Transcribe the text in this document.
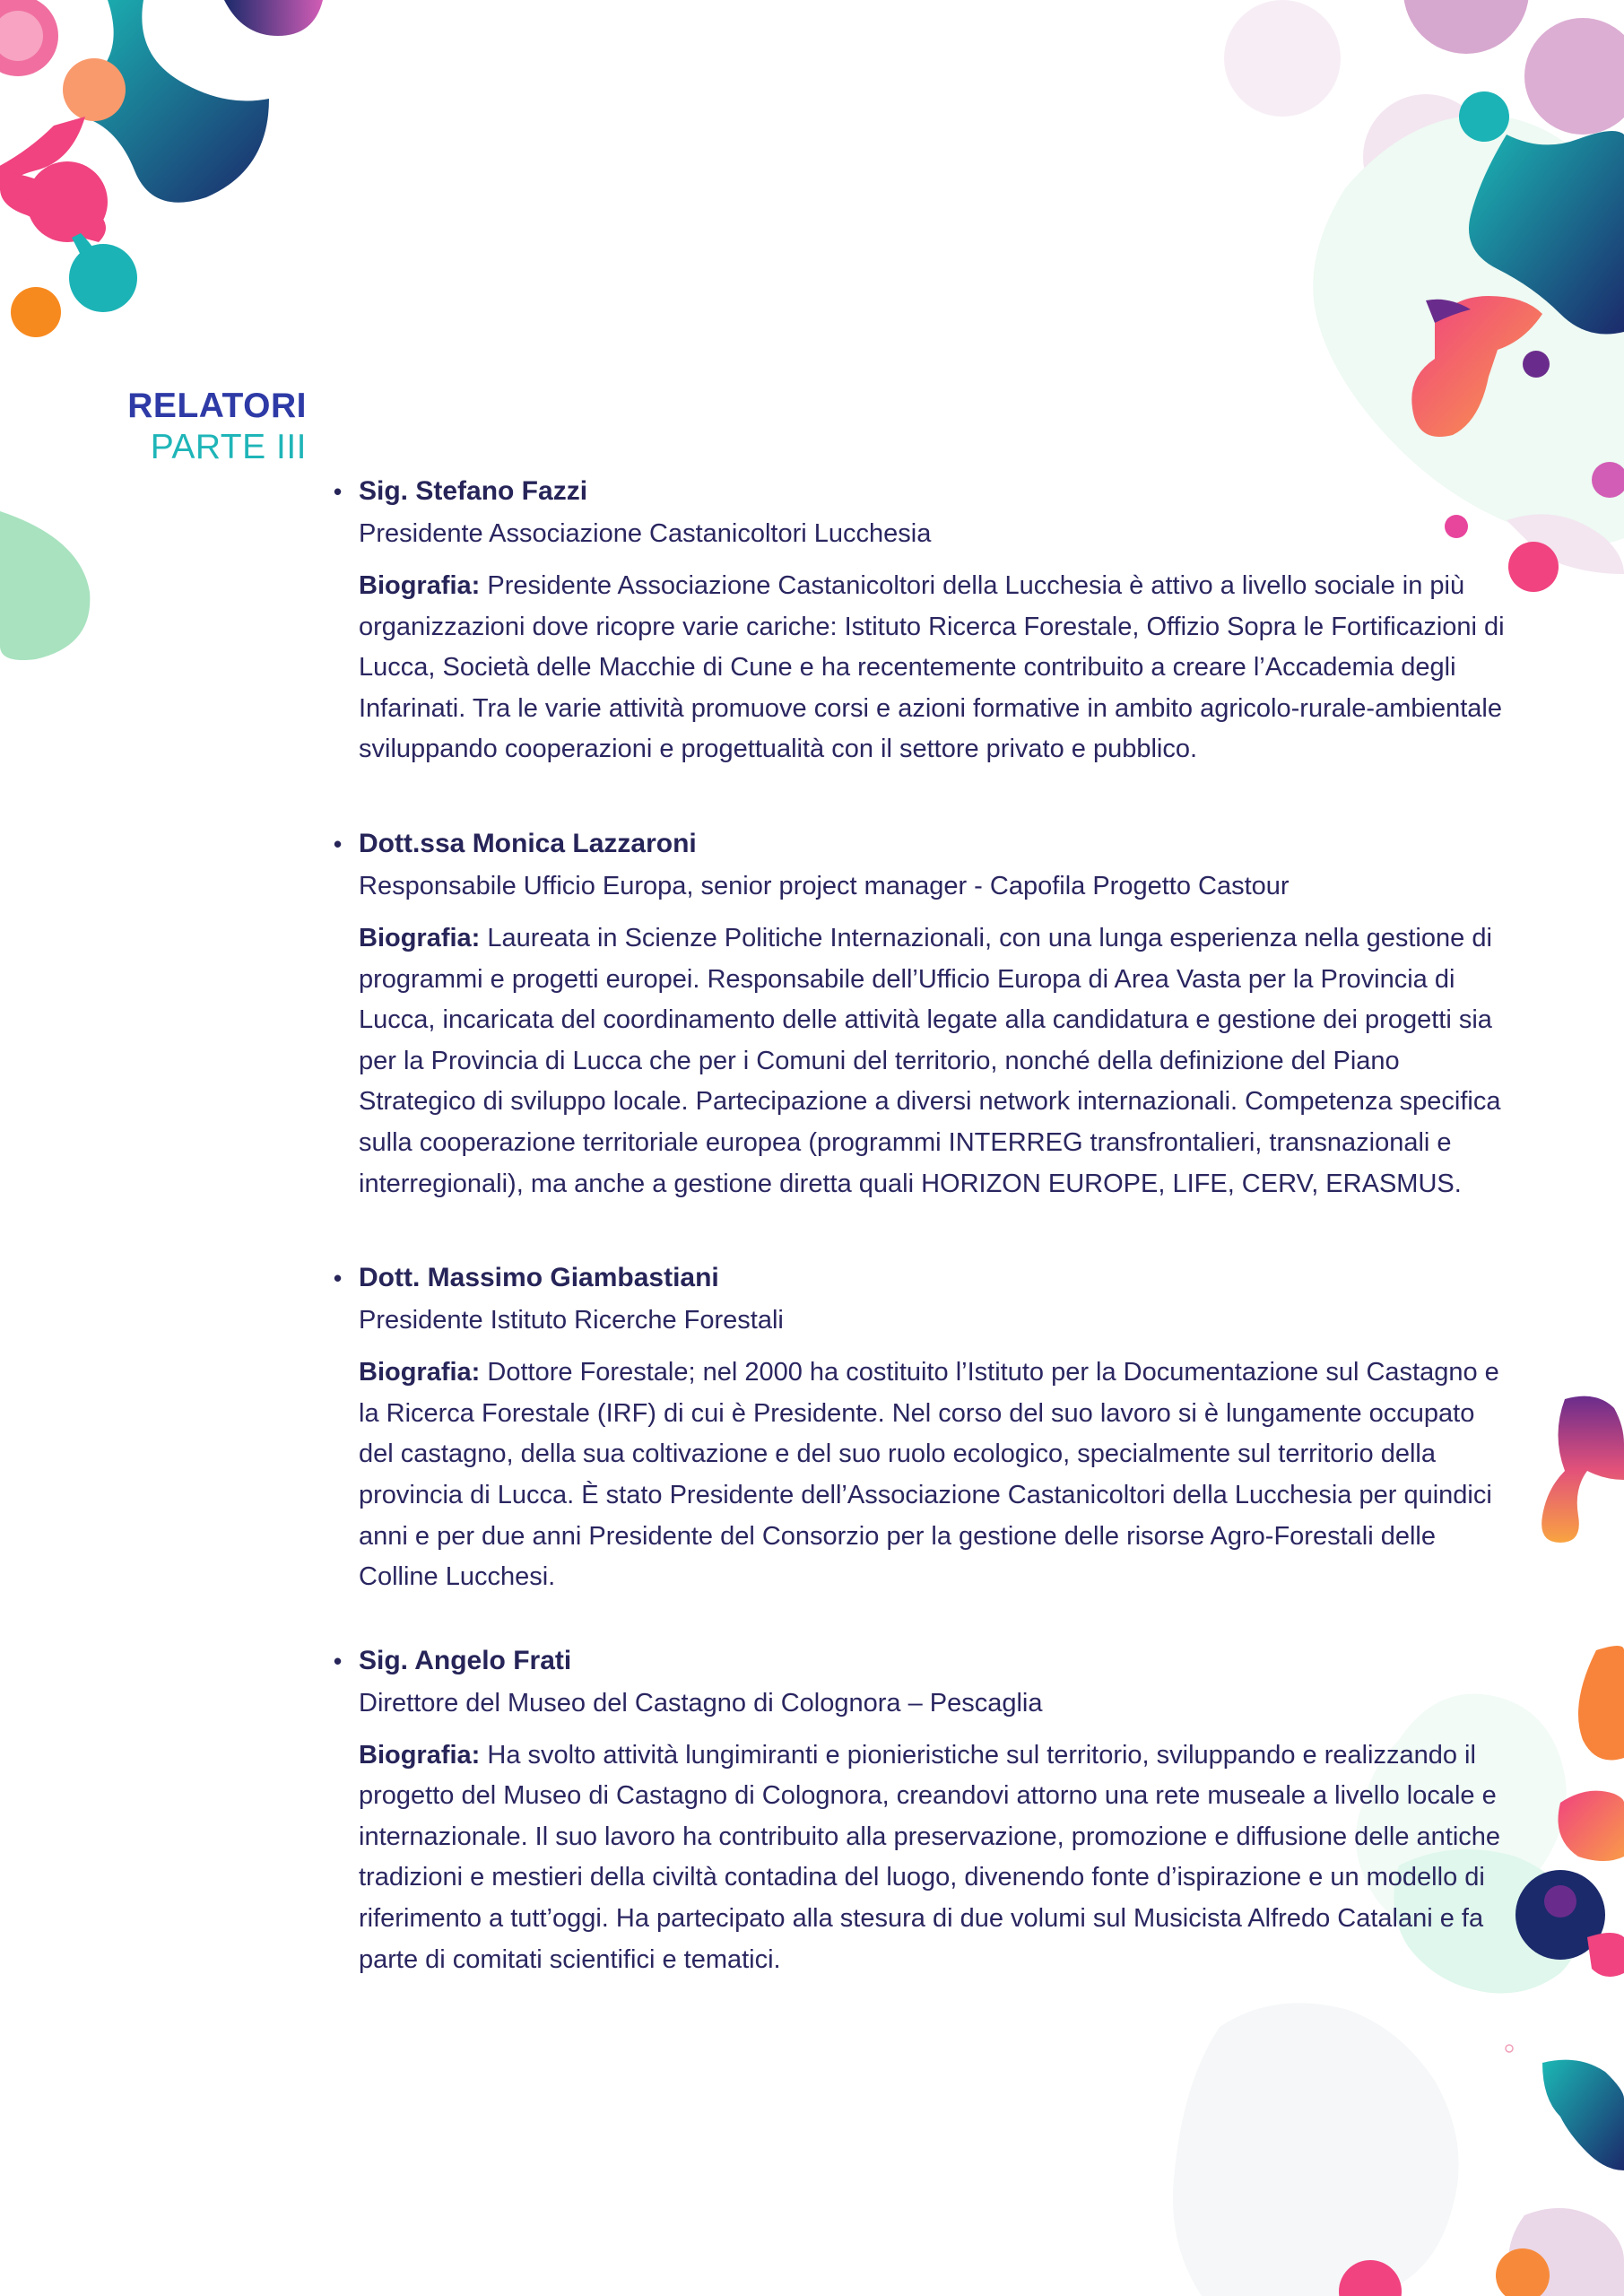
RELATORI
PARTE III
• Sig. Stefano Fazzi
Presidente Associazione Castanicoltori Lucchesia
Biografia: Presidente Associazione Castanicoltori della Lucchesia è attivo a livello sociale in più organizzazioni dove ricopre varie cariche: Istituto Ricerca Forestale, Offizio Sopra le Fortificazioni di Lucca, Società delle Macchie di Cune e ha recentemente contribuito a creare l’Accademia degli Infarinati. Tra le varie attività promuove corsi e azioni formative in ambito agricolo-rurale-ambientale sviluppando cooperazioni e progettualità con il settore privato e pubblico.
• Dott.ssa Monica Lazzaroni
Responsabile Ufficio Europa, senior project manager - Capofila Progetto Castour
Biografia: Laureata in Scienze Politiche Internazionali, con una lunga esperienza nella gestione di programmi e progetti europei. Responsabile dell’Ufficio Europa di Area Vasta per la Provincia di Lucca, incaricata del coordinamento delle attività legate alla candidatura e gestione dei progetti sia per la Provincia di Lucca che per i Comuni del territorio, nonché della definizione del Piano Strategico di sviluppo locale. Partecipazione a diversi network internazionali. Competenza specifica sulla cooperazione territoriale europea (programmi INTERREG transfrontalieri, transnazionali e interregionali), ma anche a gestione diretta quali HORIZON EUROPE, LIFE, CERV, ERASMUS.
• Dott. Massimo Giambastiani
Presidente Istituto Ricerche Forestali
Biografia: Dottore Forestale; nel 2000 ha costituito l’Istituto per la Documentazione sul Castagno e la Ricerca Forestale (IRF) di cui è Presidente. Nel corso del suo lavoro si è lungamente occupato del castagno, della sua coltivazione e del suo ruolo ecologico, specialmente sul territorio della provincia di Lucca. È stato Presidente dell’Associazione Castanicoltori della Lucchesia per quindici anni e per due anni Presidente del Consorzio per la gestione delle risorse Agro-Forestali delle Colline Lucchesi.
• Sig. Angelo Frati
Direttore del Museo del Castagno di Colognora – Pescaglia
Biografia: Ha svolto attività lungimiranti e pionieristiche sul territorio, sviluppando e realizzando il progetto del Museo di Castagno di Colognora, creandovi attorno una rete museale a livello locale e internazionale. Il suo lavoro ha contribuito alla preservazione, promozione e diffusione delle antiche tradizioni e mestieri della civiltà contadina del luogo, divenendo fonte d’ispirazione e un modello di riferimento a tutt’oggi. Ha partecipato alla stesura di due volumi sul Musicista Alfredo Catalani e fa parte di comitati scientifici e tematici.
